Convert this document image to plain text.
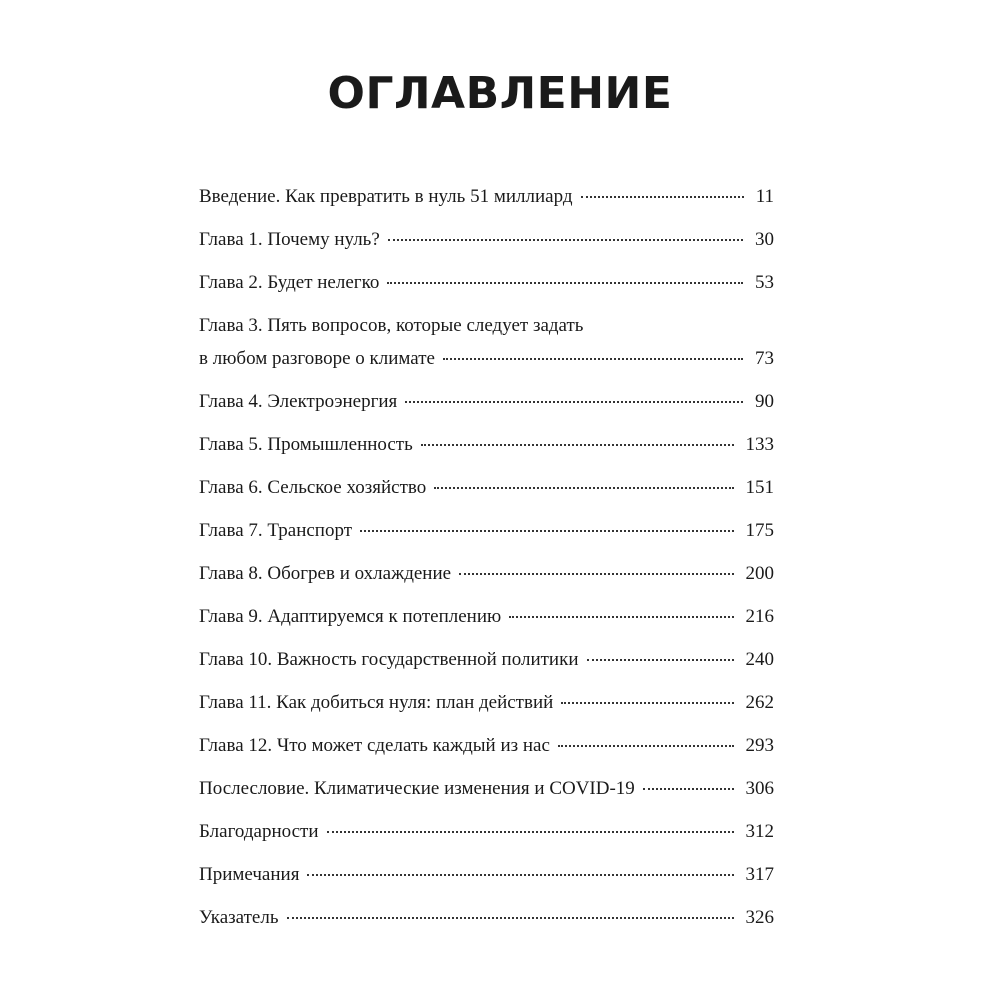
ОГЛАВЛЕНИЕ
Введение. Как превратить в нуль 51 миллиард	11
Глава 1. Почему нуль?	30
Глава 2. Будет нелегко	53
Глава 3. Пять вопросов, которые следует задать
в любом разговоре о климате	73
Глава 4. Электроэнергия	90
Глава 5. Промышленность	133
Глава 6. Сельское хозяйство	151
Глава 7. Транспорт	175
Глава 8. Обогрев и охлаждение	200
Глава 9. Адаптируемся к потеплению	216
Глава 10. Важность государственной политики	240
Глава 11. Как добиться нуля: план действий	262
Глава 12. Что может сделать каждый из нас	293
Послесловие. Климатические изменения и COVID-19	306
Благодарности	312
Примечания	317
Указатель	326
